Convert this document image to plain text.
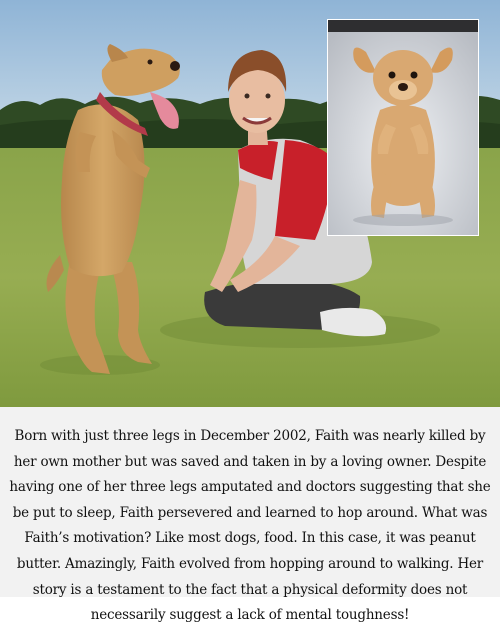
Born with just three legs in December 2002, Faith was nearly killed by her own mother but was saved and taken in by a loving owner. Despite having one of her three legs amputated and doctors suggesting that she be put to sleep, Faith persevered and learned to hop around. What was Faith’s motivation? Like most dogs, food. In this case, it was peanut butter. Amazingly, Faith evolved from hopping around to walking. Her story is a testament to the fact that a physical deformity does not necessarily suggest a lack of mental toughness!
